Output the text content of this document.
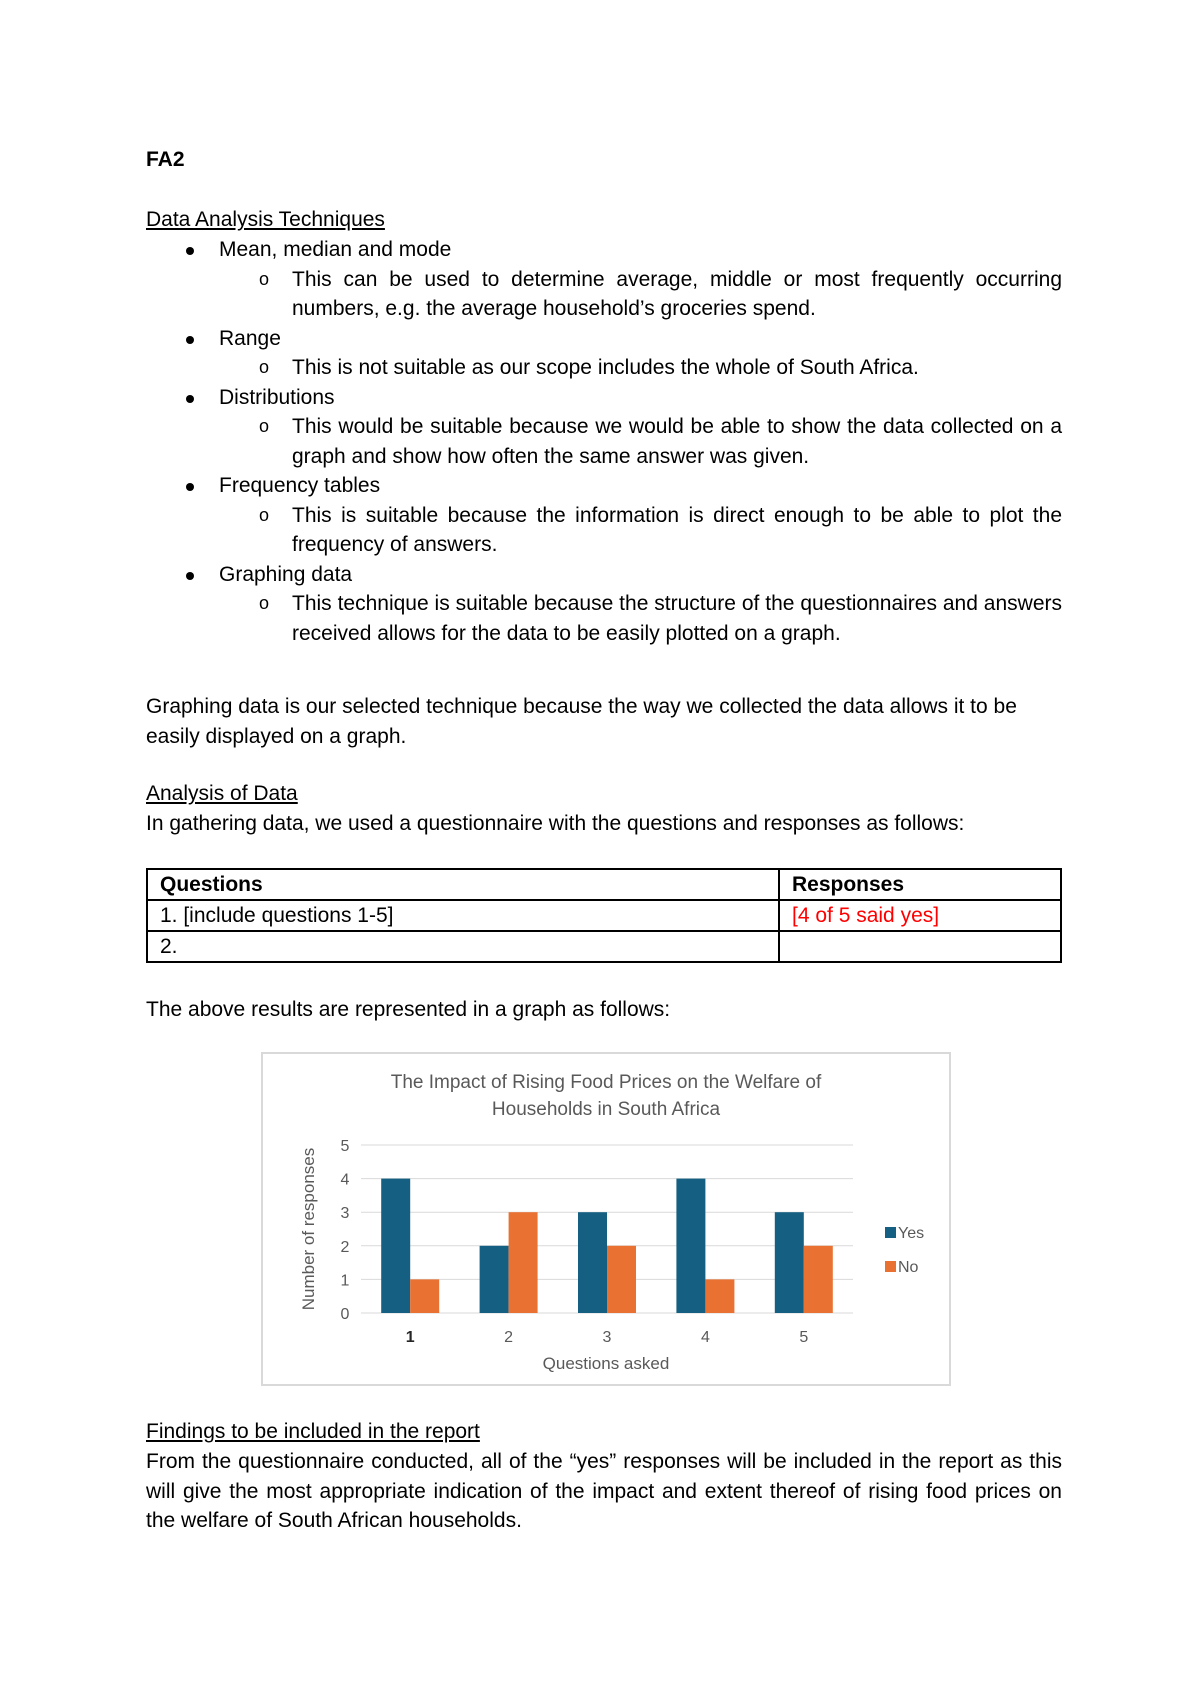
FA2
Data Analysis Techniques
Mean, median and mode
o This can be used to determine average, middle or most frequently occurring numbers, e.g. the average household’s groceries spend.
Range
o This is not suitable as our scope includes the whole of South Africa.
Distributions
o This would be suitable because we would be able to show the data collected on a graph and show how often the same answer was given.
Frequency tables
o This is suitable because the information is direct enough to be able to plot the frequency of answers.
Graphing data
o This technique is suitable because the structure of the questionnaires and answers received allows for the data to be easily plotted on a graph.
Graphing data is our selected technique because the way we collected the data allows it to be easily displayed on a graph.
Analysis of Data
In gathering data, we used a questionnaire with the questions and responses as follows:
Questions	Responses
1. [include questions 1-5]	[4 of 5 said yes]
2.	
The above results are represented in a graph as follows:
The Impact of Rising Food Prices on the Welfare of
Households in South Africa
0
1
2
3
4
5
1	2	3	4	5
Questions asked
Number of responses	Yes
No
Findings to be included in the report
From the questionnaire conducted, all of the “yes” responses will be included in the report as this will give the most appropriate indication of the impact and extent thereof of rising food prices on the welfare of South African households.
